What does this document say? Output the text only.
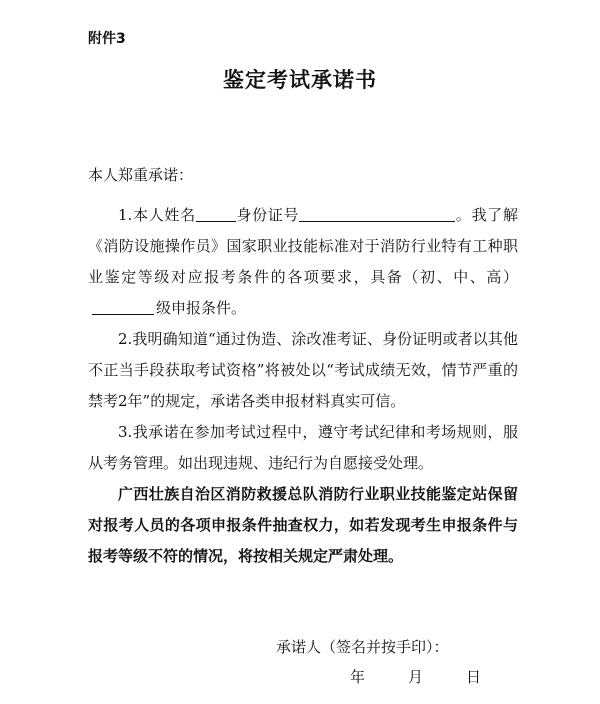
附件3
鉴定考试承诺书
本人郑重承诺：

1.本人姓名	身份证号	。我了解《消防设施操作员》国家职业技能标准对于消防行业特有工种职业鉴定等级对应报考条件的各项要求，具备（初、中、高）级申报条件。

2.我明确知道“通过伪造、涂改准考证、身份证明或者以其他不正当手段获取考试资格”将被处以“考试成绩无效，情节严重的禁考2年”的规定，承诺各类申报材料真实可信。

3.我承诺在参加考试过程中，遵守考试纪律和考场规则，服从考务管理。如出现违规、违纪行为自愿接受处理。

广西壮族自治区消防救援总队消防行业职业技能鉴定站保留对报考人员的各项申报条件抽查权力，如若发现考生申报条件与报考等级不符的情况，将按相关规定严肃处理。

承诺人（签名并按手印）：
年	月	日
